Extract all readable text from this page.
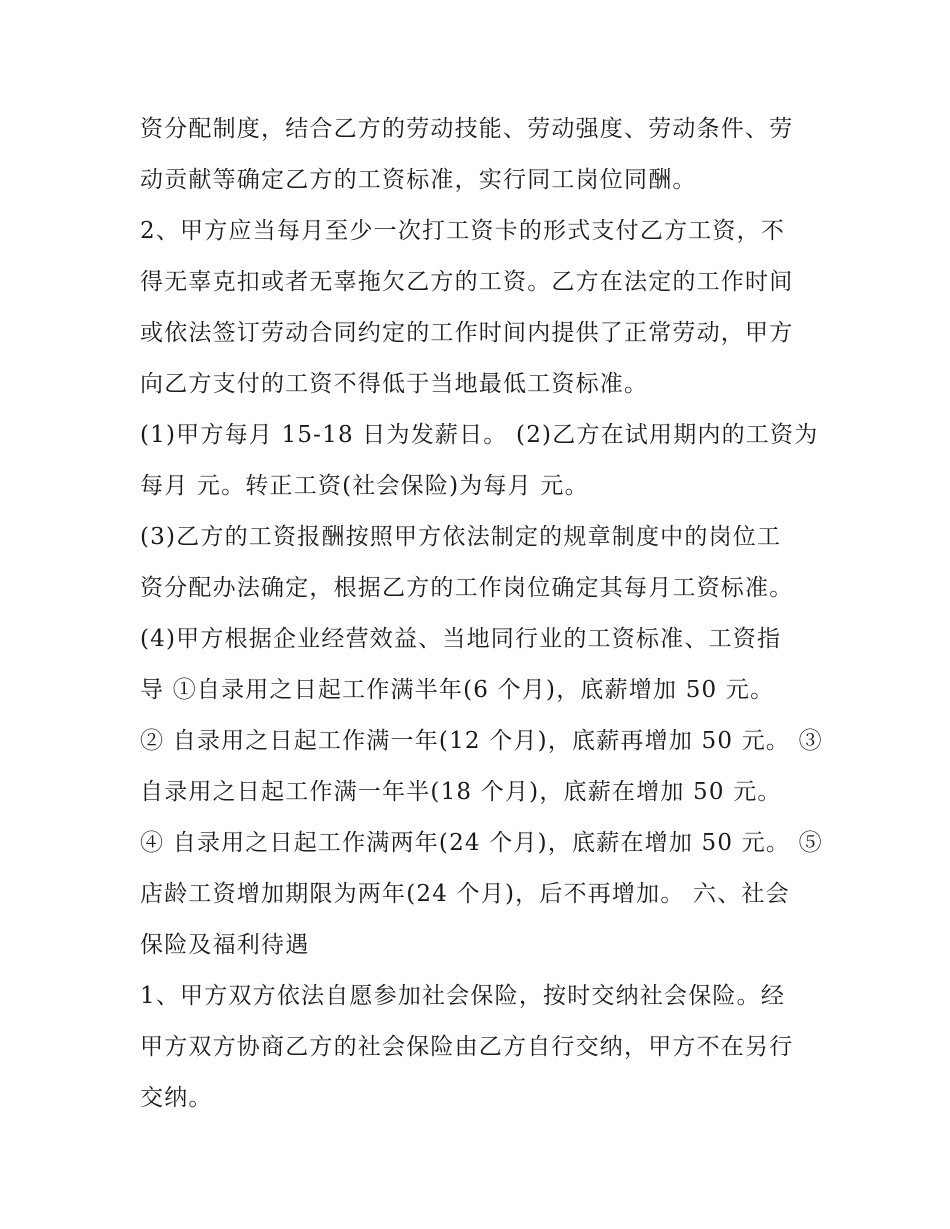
资分配制度，结合乙方的劳动技能、劳动强度、劳动条件、劳
动贡献等确定乙方的工资标准，实行同工岗位同酬。
2、甲方应当每月至少一次打工资卡的形式支付乙方工资，不
得无辜克扣或者无辜拖欠乙方的工资。乙方在法定的工作时间
或依法签订劳动合同约定的工作时间内提供了正常劳动，甲方
向乙方支付的工资不得低于当地最低工资标准。
(1)甲方每月 15-18 日为发薪日。 (2)乙方在试用期内的工资为
每月 元。转正工资(社会保险)为每月 元。
(3)乙方的工资报酬按照甲方依法制定的规章制度中的岗位工
资分配办法确定，根据乙方的工作岗位确定其每月工资标准。
(4)甲方根据企业经营效益、当地同行业的工资标准、工资指
导 ①自录用之日起工作满半年(6 个月)，底薪增加 50 元。
② 自录用之日起工作满一年(12 个月)，底薪再增加 50 元。 ③
自录用之日起工作满一年半(18 个月)，底薪在增加 50 元。
④ 自录用之日起工作满两年(24 个月)，底薪在增加 50 元。 ⑤
店龄工资增加期限为两年(24 个月)，后不再增加。 六、社会
保险及福利待遇
1、甲方双方依法自愿参加社会保险，按时交纳社会保险。经
甲方双方协商乙方的社会保险由乙方自行交纳，甲方不在另行
交纳。
